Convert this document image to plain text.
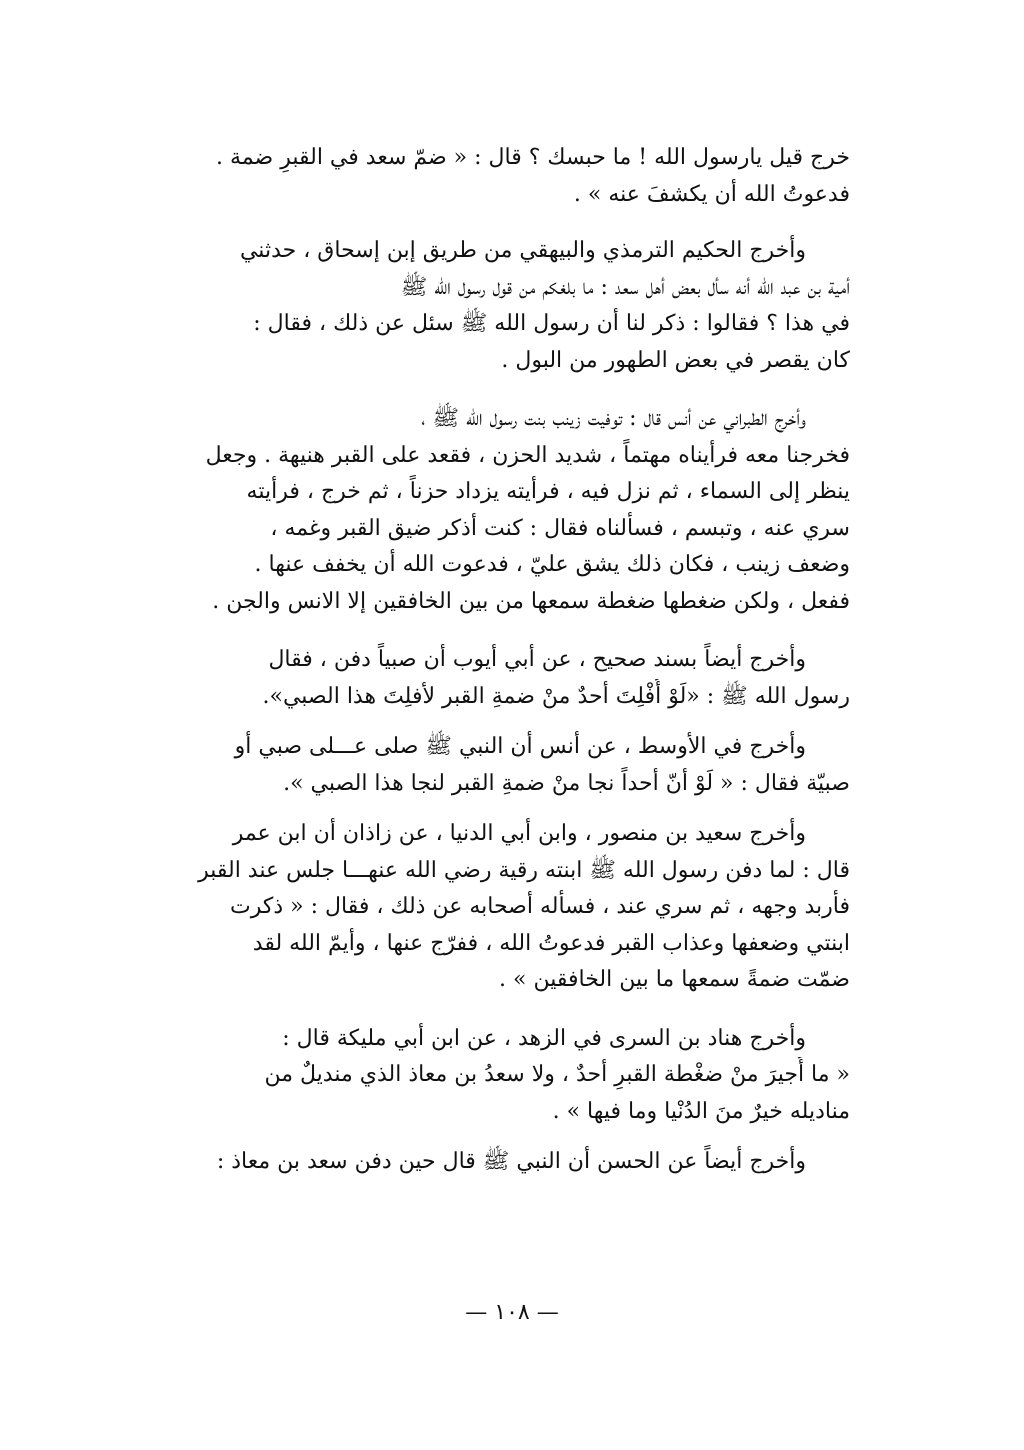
خرج قيل يارسول الله ! ما حبسك ؟ قال : « ضمّ سعد في القبرِ ضمة .
فدعوتُ الله أن يكشفَ عنه » .

وأخرج الحكيم الترمذي والبيهقي من طريق إبن إسحاق ، حدثني
أمية بن عبد الله أنه سأل بعض أهل سعد : ما بلغكم من قول رسول الله ﷺ
في هذا ؟ فقالوا : ذكر لنا أن رسول الله ﷺ سئل عن ذلك ، فقال :
كان يقصر في بعض الطهور من البول .

وأخرج الطبراني عن أنس قال : توفيت زينب بنت رسول الله ﷺ ،
فخرجنا معه فرأيناه مهتماً ، شديد الحزن ، فقعد على القبر هنيهة . وجعل
ينظر إلى السماء ، ثم نزل فيه ، فرأيته يزداد حزناً ، ثم خرج ، فرأيته
سري عنه ، وتبسم ، فسألناه فقال : كنت أذكر ضيق القبر وغمه ،
وضعف زينب ، فكان ذلك يشق عليّ ، فدعوت الله أن يخفف عنها .
ففعل ، ولكن ضغطها ضغطة سمعها من بين الخافقين إلا الانس والجن .

وأخرج أيضاً بسند صحيح ، عن أبي أيوب أن صبياً دفن ، فقال
رسول الله ﷺ : «لَوْ أُفْلِتَ أحدٌ منْ ضمةِ القبر لأفلِتَ هذا الصبي».

وأخرج في الأوسط ، عن أنس أن النبي ﷺ صلى عـــلى صبي أو
صبيّة فقال : « لَوْ أنّ أحداً نجا منْ ضمةِ القبر لنجا هذا الصبي ».

وأخرج سعيد بن منصور ، وابن أبي الدنيا ، عن زاذان أن ابن عمر
قال : لما دفن رسول الله ﷺ ابنته رقية رضي الله عنهـــا جلس عند القبر
فأربد وجهه ، ثم سري عند ، فسأله أصحابه عن ذلك ، فقال : « ذكرت
ابنتي وضعفها وعذاب القبر فدعوتُ الله ، ففرّج عنها ، وأيمّ الله لقد
ضمّت ضمةً سمعها ما بين الخافقين » .

وأخرج هناد بن السرى في الزهد ، عن ابن أبي مليكة قال :
« ما أُجيرَ منْ ضغْطة القبرِ أحدٌ ، ولا سعدُ بن معاذ الذي منديلٌ من
مناديله خيرٌ منَ الدُنْيا وما فيها » .

وأخرج أيضاً عن الحسن أن النبي ﷺ قال حين دفن سعد بن معاذ :

— ١٠٨ —
